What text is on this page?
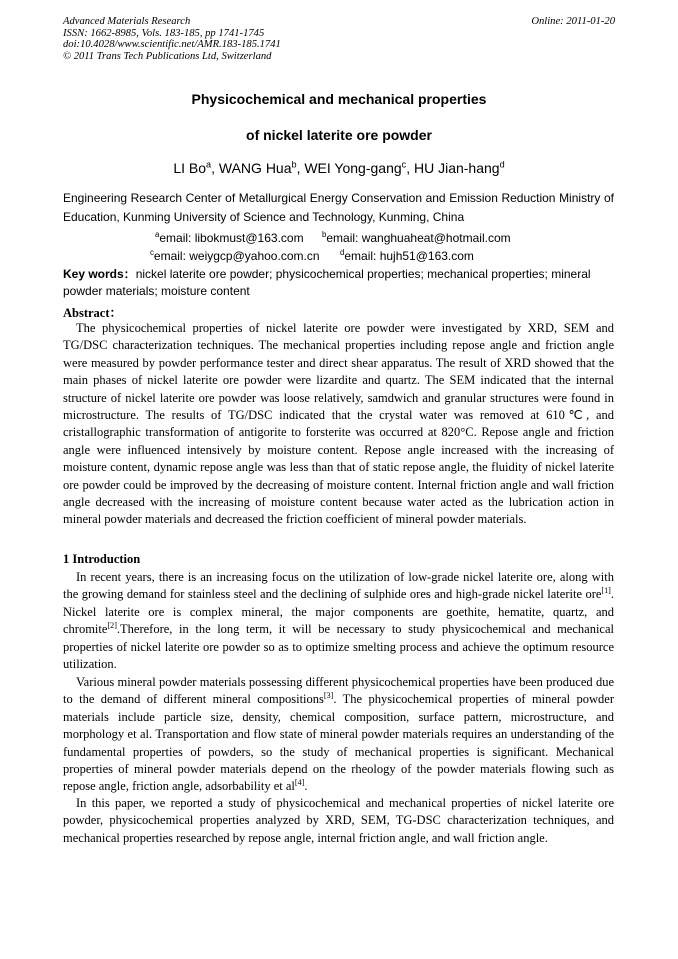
Advanced Materials Research
ISSN: 1662-8985, Vols. 183-185, pp 1741-1745
doi:10.4028/www.scientific.net/AMR.183-185.1741
© 2011 Trans Tech Publications Ltd, Switzerland
Online: 2011-01-20
Physicochemical and mechanical properties
of nickel laterite ore powder
LI Bo$^a$, WANG Hua$^b$, WEI Yong-gang$^c$, HU Jian-hang$^d$
Engineering Research Center of Metallurgical Energy Conservation and Emission Reduction Ministry of Education, Kunming University of Science and Technology, Kunming, China
$^a$email: libokmust@163.com $^b$email: wanghuaheat@hotmail.com
$^c$email: weiygcp@yahoo.com.cn	$^d$email: hujh51@163.com
Key words：nickel laterite ore powder; physicochemical properties; mechanical properties; mineral powder materials; moisture content
Abstract：

The physicochemical properties of nickel laterite ore powder were investigated by XRD, SEM and TG/DSC characterization techniques. The mechanical properties including repose angle and friction angle were measured by powder performance tester and direct shear apparatus. The result of XRD showed that the main phases of nickel laterite ore powder were lizardite and quartz. The SEM indicated that the internal structure of nickel laterite ore powder was loose relatively, samdwich and granular structures were found in microstructure. The results of TG/DSC indicated that the crystal water was removed at 610℃, and cristallographic transformation of antigorite to forsterite was occurred at 820°C. Repose angle and friction angle were influenced intensively by moisture content. Repose angle increased with the increasing of moisture content, dynamic repose angle was less than that of static repose angle, the fluidity of nickel laterite ore powder could be improved by the decreasing of moisture content. Internal friction angle and wall friction angle decreased with the increasing of moisture content because water acted as the lubrication action in mineral powder materials and decreased the friction coefficient of mineral powder materials.

1 Introduction

In recent years, there is an increasing focus on the utilization of low-grade nickel laterite ore, along with the growing demand for stainless steel and the declining of sulphide ores and high-grade nickel laterite ore[1]. Nickel laterite ore is complex mineral, the major components are goethite, hematite, quartz, and chromite[2].Therefore, in the long term, it will be necessary to study physicochemical and mechanical properties of nickel laterite ore powder so as to optimize smelting process and achieve the optimum resource utilization.

Various mineral powder materials possessing different physicochemical properties have been produced due to the demand of different mineral compositions[3]. The physicochemical properties of mineral powder materials include particle size, density, chemical composition, surface pattern, microstructure, and morphology et al. Transportation and flow state of mineral powder materials requires an understanding of the fundamental properties of powders, so the study of mechanical properties is significant. Mechanical properties of mineral powder materials depend on the rheology of the powder materials flowing such as repose angle, friction angle, adsorbability et al[4].

In this paper, we reported a study of physicochemical and mechanical properties of nickel laterite ore powder, physicochemical properties analyzed by XRD, SEM, TG-DSC characterization techniques, and mechanical properties researched by repose angle, internal friction angle, and wall friction angle.
